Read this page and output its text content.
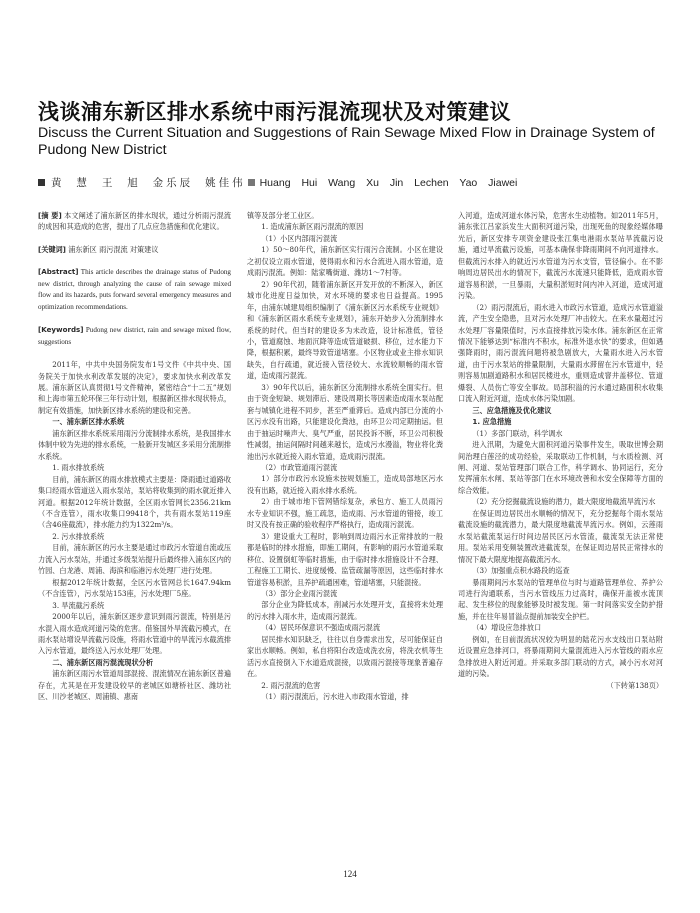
浅谈浦东新区排水系统中雨污混流现状及对策建议
Discuss the Current Situation and Suggestions of Rain Sewage Mixed Flow in Drainage System of Pudong New District
黄 慧 王 旭 金乐辰 姚佳伟 Huang Hui Wang Xu Jin Lechen Yao Jiawei

[摘 要] 本文阐述了浦东新区的排水现状，通过分析雨污混流的成因和其造成的危害，提出了几点应急措施和优化建议。

[关键词] 浦东新区 雨污混流 对策建议

[Abstract] This article describes the drainage status of Pudong new district, through analyzing the cause of rain sewage mixed flow and its hazards, puts forward several emergency measures and optimization recommendations.

[Keywords] Pudong new district, rain and sewage mixed flow, suggestions

2011年，中共中央国务院发布1号文件《中共中央、国务院关于加快水利改革发展的决定》，要求加快水利改革发展。浦东新区认真贯彻1号文件精神，紧密结合“十二五”规划和上海市第五轮环保三年行动计划，根据新区排水现状特点，制定有效措施，加快新区排水系统的建设和完善。

一、浦东新区排水系统

浦东新区排水系统采用雨污分流制排水系统，是我国排水体制中较为先进的排水系统，一般新开发城区多采用分流制排水系统。

1. 雨水排放系统

目前，浦东新区的雨水排放模式主要是：降雨通过道路收集口经雨水管道送入雨水泵站，泵站将收集到的雨水就近排入河道。根据2012年统计数据，全区雨水管网长2356.21km（不含连管），雨水收集口99418个，共有雨水泵站119座（含46座截流），排水能力约为1322m³/s。

2. 污水排放系统

目前，浦东新区的污水主要是通过市政污水管道自流或压力流入污水泵站，并通过多级泵站提升后最终排入浦东区内的竹园、白龙港、周浦、海滨和临港污水处理厂进行处理。

根据2012年统计数据，全区污水管网总长1647.94km（不含连管），污水泵站153座，污水处理厂5座。

3. 旱流截污系统

2000年以后，浦东新区逐步意识到雨污混流，特别是污水混入雨水造成河道污染的危害。借鉴国外旱流截污模式，在雨水泵站增设旱流截污设施，将雨水管道中的旱流污水截流排入污水管道，最终送入污水处理厂处理。

二、浦东新区雨污混流现状分析

浦东新区雨污水管道局部混接、混流情况在浦东新区普遍存在，尤其是在开发建设较早的老城区如塘桥社区、潍坊社区、川沙老城区、周浦镇、惠南

镇等及部分老工业区。

1. 造成浦东新区雨污混流的原因

（1）小区内部雨污混流

1）50～80年代，浦东新区实行雨污合流制。小区在建设之初仅设立雨水管道，使得雨水和污水合流进入雨水管道，造成雨污混流。例如：陆家嘴街道、潍坊1～7村等。

2）90年代初，随着浦东新区开发开放的不断深入，新区城市化进度日益加快，对水环境的要求也日益提高。1995年，由浦东城建局组织编制了《浦东新区污水系统专业规划》和《浦东新区雨水系统专业规划》，浦东开始步入分流制排水系统的时代。但当时的建设多为未改造，设计标准低，管径小，管道腐蚀、地面沉降等造成管道破损、移位，过水能力下降，根据积累，最终导致管道堵塞。小区物业或业主排水知识缺失，自行疏通，就近接入管径较大、水流较顺畅的雨水管道，造成雨污混流。

3）90年代以后，浦东新区分流制排水系统全面实行。但由于资金短缺、规划滞后、建设周期长等因素造成雨水泵站配套与城镇化进程不同步，甚至严重滞后。造成内部已分流的小区污水没有出路，只能建设化粪池，由环卫公司定期抽运。但由于抽运时噪声大、臭气严重，居民投诉不断，环卫公司积极性减弱，抽运间隔时间越来越长，造成污水漫溢，物业将化粪池出污水就近接入雨水管道，造成雨污混流。

（2）市政管道雨污混流

1）部分市政污水设施未按规划施工，造成局部地区污水没有出路，就近接入雨水排水系统。

2）由于城市地下管网错综复杂，承包方、施工人员雨污水专业知识不强，施工疏忽，造成雨、污水管道的错接，竣工时又没有按正确的验收程序严格执行，造成雨污混流。

3）建设重大工程时，影响到周边雨污水正常排放的一般都是临时的排水措施，即施工期间，有影响的雨污水管道采取移位、设置倒虹等临时措施，由于临时排水措施设计不合理、工程施工工期长、进度缓慢、监管疏漏等原因，这些临时排水管道容易积淤，且养护疏通困难，管道堵塞，只能混接。

（3）部分企业雨污混流

部分企业为降低成本，削减污水处理开支，直接将未处理的污水排入雨水井，造成雨污混流。

（4）居民环保意识不强造成雨污混流

居民排水知识缺乏，往往以自身需求出发，尽可能保证自家出水顺畅。例如，私自将阳台改造成洗衣房，将洗衣机等生活污水直接倒入下水道造成混接，以致雨污混接等现象普遍存在。

2. 雨污混流的危害

（1）雨污混流后，污水进入市政雨水管道，排

入河道，造成河道水体污染，危害水生动植物。如2011年5月，浦东张江吕家浜发生大面积河道污染，出现死鱼的现象经媒体曝光后，新区安排专项资金建设张江集电港雨水泵站旱流截污设施，通过旱流截污设施，可基本确保非降雨期间不向河道排水。但截流污水排入的就近污水管道为污水支管，管径偏小。在不影响周边居民出水的情况下，截流污水流速只能降低，造成雨水管道容易积淤，一旦暴雨，大量积淤短时间内冲入河道，造成河道污染。

（2）雨污混流后，雨水进入市政污水管道，造成污水管道溢流，产生安全隐患，且对污水处理厂冲击较大。在来水量超过污水处理厂容量限值时，污水直接排放污染水体。浦东新区在正常情况下能够达到“标准内不积水，标准外退水快”的要求，但如遇强降雨时，雨污混流问题将被急剧放大，大量雨水进入污水管道，由于污水泵站的排量限制，大量雨水滞留在污水管道中，轻则容易加剧道路积水和居民楼进水，重则造成窨井盖移位、管道爆裂、人员伤亡等安全事故。局部积溢的污水通过路面积水收集口流入附近河道，造成水体污染加剧。

三、应急措施及优化建议

1. 应急措施

（1）多部门联动，科学调水

进入汛期，为避免大面积河道污染事件发生，吸取世博会期间治理白莲泾的成功经验，采取联动工作机制，与水质检测、河闸、河道、泵站管理部门联合工作，科学调水、协同运行，充分发挥浦东水闸、泵站等部门在水环境改善和水安全保障等方面的综合效能。

（2）充分挖掘截流设施的潜力，最大限度地截流旱流污水

在保证周边居民出水顺畅的情况下，充分挖掘每个雨水泵站截流设施的截流潜力，最大限度地截流旱流污水。例如，云莲雨水泵站截流泵运行时间边居民区污水管渣，截流泵无法正常使用。泵站采用变频装置改进截流泵，在保证周边居民正常排水的情况下最大限度地提高截流污水。

（3）加强重点积水路段的巡查

暴雨期间污水泵站的管理单位与时与道路管理单位、养护公司进行沟通联系，当污水管线压力过高时，确保开盖被水流顶起、发生移位的现象能够及时被发现。第一时间落实安全防护措施，并在往年易冒溢点提前加装安全护栏。

（4）增设应急排放口

例如，在目前混流状况较为明显的陆花污水支线出口泵站附近设置应急排河口，将暴雨期间大量混流进入污水管线的雨水应急排放进入附近河道。并采取多部门联动的方式，减小污水对河道的污染。

（下转第138页）

124
